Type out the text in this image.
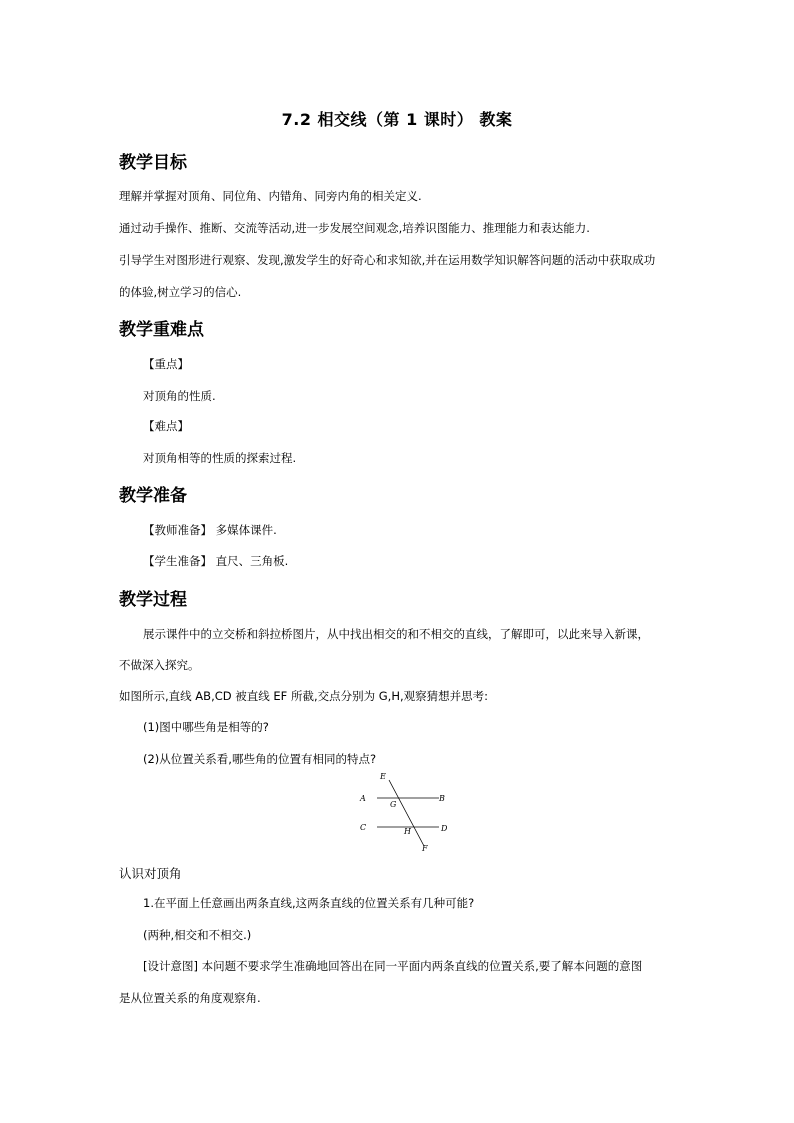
7.2 相交线（第 1 课时） 教案
教学目标
理解并掌握对顶角、同位角、内错角、同旁内角的相关定义.
通过动手操作、推断、交流等活动,进一步发展空间观念,培养识图能力、推理能力和表达能力.
引导学生对图形进行观察、发现,激发学生的好奇心和求知欲,并在运用数学知识解答问题的活动中获取成功
的体验,树立学习的信心.
教学重难点
【重点】
对顶角的性质.
【难点】
对顶角相等的性质的探索过程.
教学准备
【教师准备】 多媒体课件.
【学生准备】 直尺、三角板.
教学过程
展示课件中的立交桥和斜拉桥图片，从中找出相交的和不相交的直线，了解即可，以此来导入新课，
不做深入探究。
如图所示,直线 AB,CD 被直线 EF 所截,交点分别为 G,H,观察猜想并思考:
(1)图中哪些角是相等的?
(2)从位置关系看,哪些角的位置有相同的特点?
E
A
G
B
C	H	D
F
认识对顶角
1.在平面上任意画出两条直线,这两条直线的位置关系有几种可能?
(两种,相交和不相交.)
[设计意图] 本问题不要求学生准确地回答出在同一平面内两条直线的位置关系,要了解本问题的意图
是从位置关系的角度观察角.
